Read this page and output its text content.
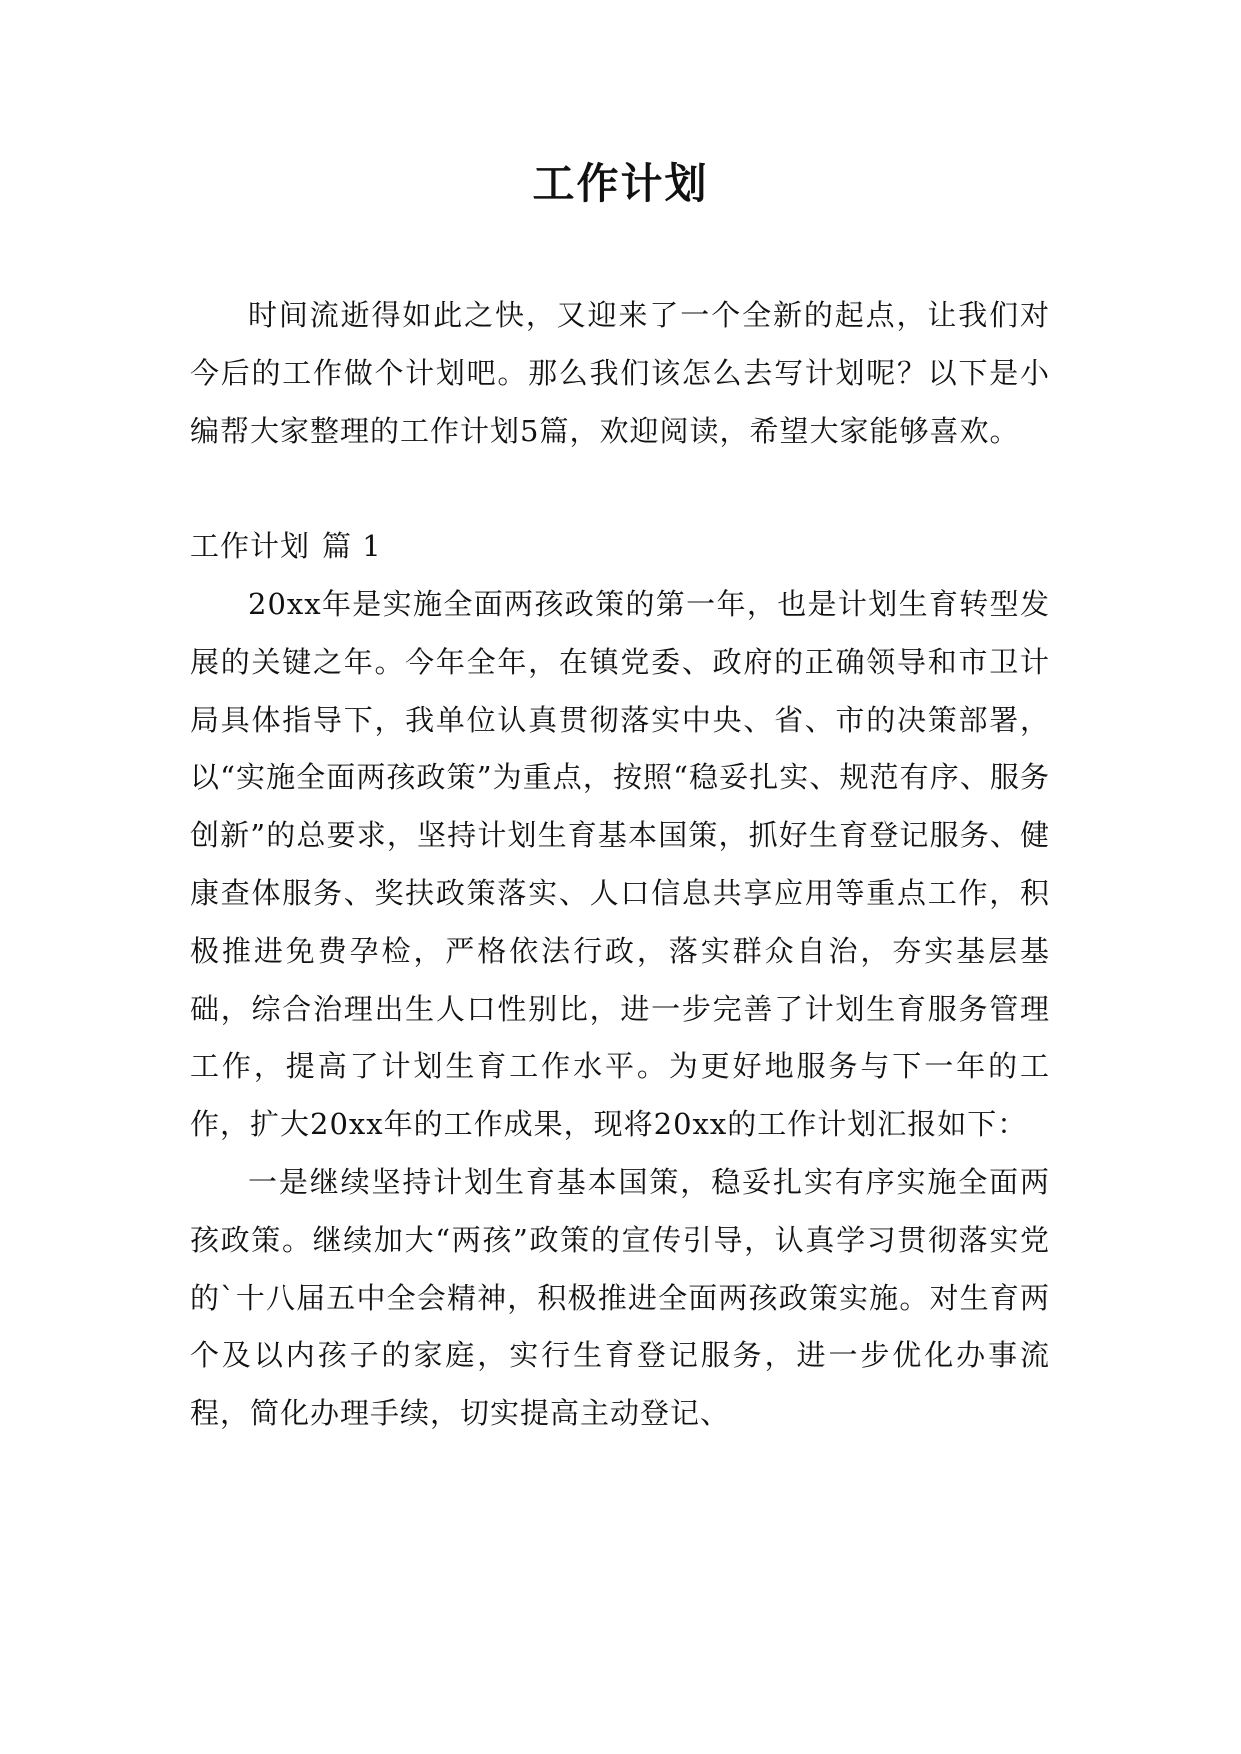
工作计划

时间流逝得如此之快，又迎来了一个全新的起点，让我们对今后的工作做个计划吧。那么我们该怎么去写计划呢？以下是小编帮大家整理的工作计划5篇，欢迎阅读，希望大家能够喜欢。

工作计划 篇 1

20xx年是实施全面两孩政策的第一年，也是计划生育转型发展的关键之年。今年全年，在镇党委、政府的正确领导和市卫计局具体指导下，我单位认真贯彻落实中央、省、市的决策部署，以“实施全面两孩政策”为重点，按照“稳妥扎实、规范有序、服务创新”的总要求，坚持计划生育基本国策，抓好生育登记服务、健康查体服务、奖扶政策落实、人口信息共享应用等重点工作，积极推进免费孕检，严格依法行政，落实群众自治，夯实基层基础，综合治理出生人口性别比，进一步完善了计划生育服务管理工作，提高了计划生育工作水平。为更好地服务与下一年的工作，扩大20xx年的工作成果，现将20xx的工作计划汇报如下：

一是继续坚持计划生育基本国策，稳妥扎实有序实施全面两孩政策。继续加大“两孩”政策的宣传引导，认真学习贯彻落实党的`十八届五中全会精神，积极推进全面两孩政策实施。对生育两个及以内孩子的家庭，实行生育登记服务，进一步优化办事流程，简化办理手续，切实提高主动登记、
